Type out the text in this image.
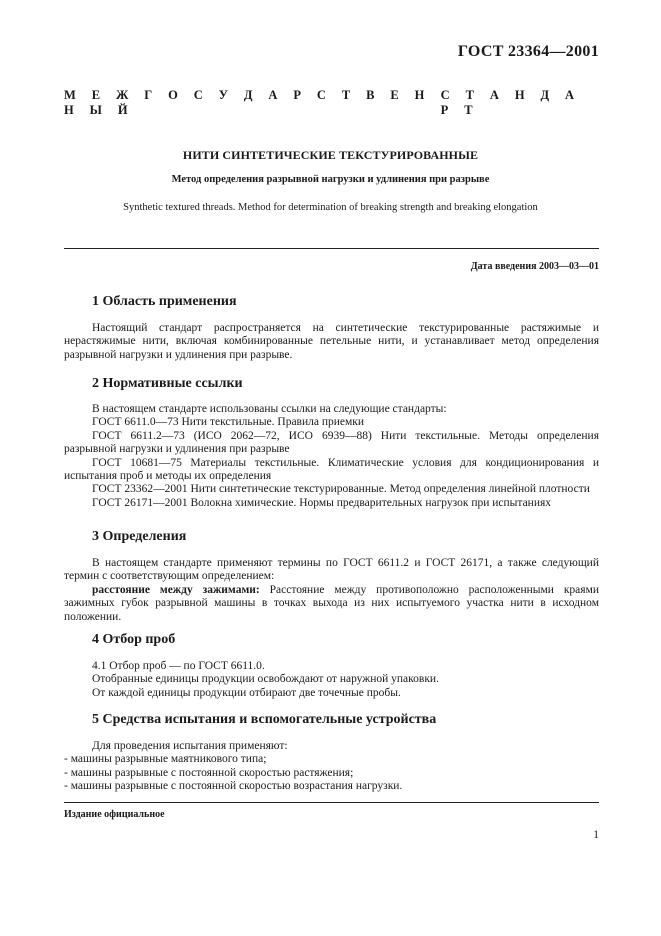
ГОСТ 23364—2001
М Е Ж Г О С У Д А Р С Т В Е Н Н Ы Й
С Т А Н Д А Р Т
НИТИ СИНТЕТИЧЕСКИЕ ТЕКСТУРИРОВАННЫЕ
Метод определения разрывной нагрузки и удлинения при разрыве
Synthetic textured threads. Method for determination of breaking strength and breaking elongation
Дата введения 2003—03—01
1 Область применения

Настоящий стандарт распространяется на синтетические текстурированные растяжимые и нерастяжимые нити, включая комбинированные петельные нити, и устанавливает метод определения разрывной нагрузки и удлинения при разрыве.

2 Нормативные ссылки

В настоящем стандарте использованы ссылки на следующие стандарты:

ГОСТ 6611.0—73 Нити текстильные. Правила приемки

ГОСТ 6611.2—73 (ИСО 2062—72, ИСО 6939—88) Нити текстильные. Методы определения разрывной нагрузки и удлинения при разрыве

ГОСТ 10681—75 Материалы текстильные. Климатические условия для кондиционирования и испытания проб и методы их определения

ГОСТ 23362—2001 Нити синтетические текстурированные. Метод определения линейной плотности

ГОСТ 26171—2001 Волокна химические. Нормы предварительных нагрузок при испытаниях

3 Определения

В настоящем стандарте применяют термины по ГОСТ 6611.2 и ГОСТ 26171, а также следующий термин с соответствующим определением:

расстояние между зажимами: Расстояние между противоположно расположенными краями зажимных губок разрывной машины в точках выхода из них испытуемого участка нити в исходном положении.

4 Отбор проб

4.1 Отбор проб — по ГОСТ 6611.0.

Отобранные единицы продукции освобождают от наружной упаковки.

От каждой единицы продукции отбирают две точечные пробы.

5 Средства испытания и вспомогательные устройства

Для проведения испытания применяют:

- машины разрывные маятникового типа;

- машины разрывные с постоянной скоростью растяжения;

- машины разрывные с постоянной скоростью возрастания нагрузки.

Издание официальное
1
